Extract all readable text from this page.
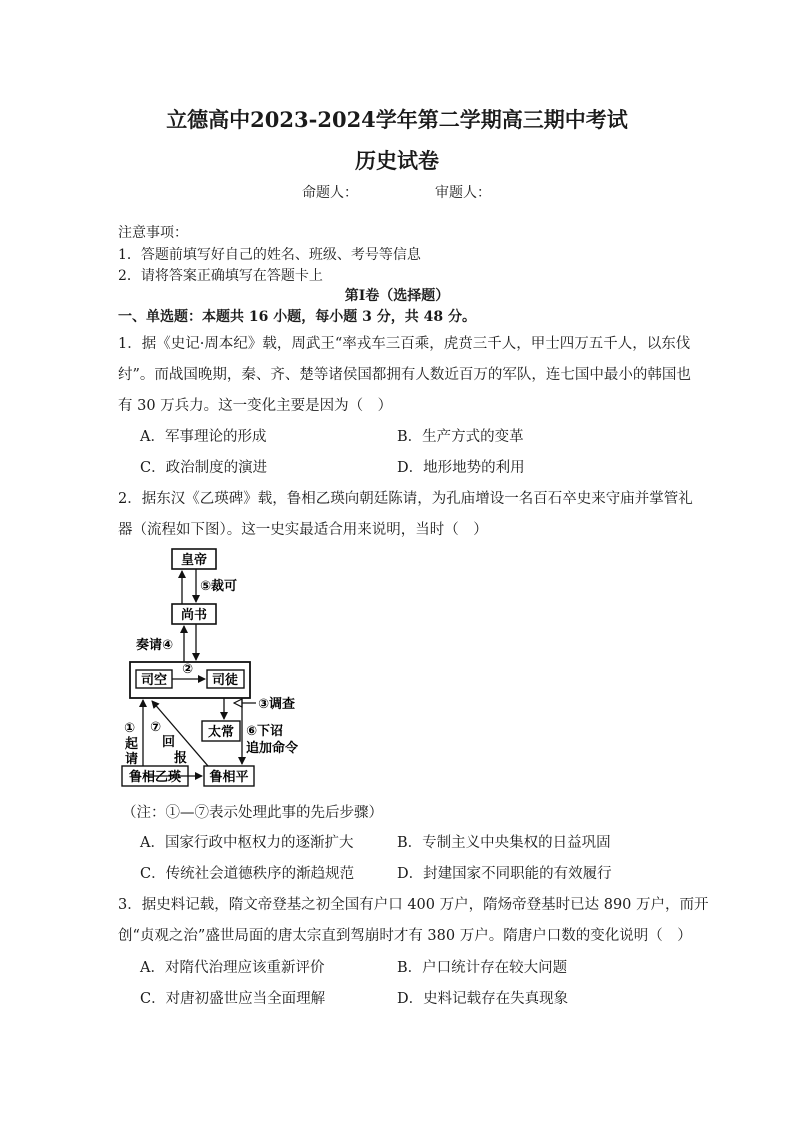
立德高中2023-2024学年第二学期高三期中考试
历史试卷
命题人：	审题人：
注意事项：
1．答题前填写好自己的姓名、班级、考号等信息
2．请将答案正确填写在答题卡上
第I卷（选择题）
一、单选题：本题共 16 小题，每小题 3 分，共 48 分。
1．据《史记·周本纪》载，周武王“率戎车三百乘，虎贲三千人，甲士四万五千人，以东伐
纣”。而战国晚期，秦、齐、楚等诸侯国都拥有人数近百万的军队，连七国中最小的韩国也
有 30 万兵力。这一变化主要是因为（　）
A．军事理论的形成	B．生产方式的变革
C．政治制度的演进	D．地形地势的利用
2．据东汉《乙瑛碑》载，鲁相乙瑛向朝廷陈请，为孔庙增设一名百石卒史来守庙并掌管礼
器（流程如下图）。这一史实最适合用来说明，当时（　）
皇帝
尚书
司空	司徒
太常
鲁相乙瑛 鲁相平
⑤裁可
奏请④
②
③调查
⑥下诏
追加命令
①
起
请
⑦
回
报
（注：①—⑦表示处理此事的先后步骤）
A．国家行政中枢权力的逐渐扩大	B．专制主义中央集权的日益巩固
C．传统社会道德秩序的渐趋规范	D．封建国家不同职能的有效履行
3．据史料记载，隋文帝登基之初全国有户口 400 万户，隋炀帝登基时已达 890 万户，而开
创“贞观之治”盛世局面的唐太宗直到驾崩时才有 380 万户。隋唐户口数的变化说明（　）
A．对隋代治理应该重新评价	B．户口统计存在较大问题
C．对唐初盛世应当全面理解	D．史料记载存在失真现象
